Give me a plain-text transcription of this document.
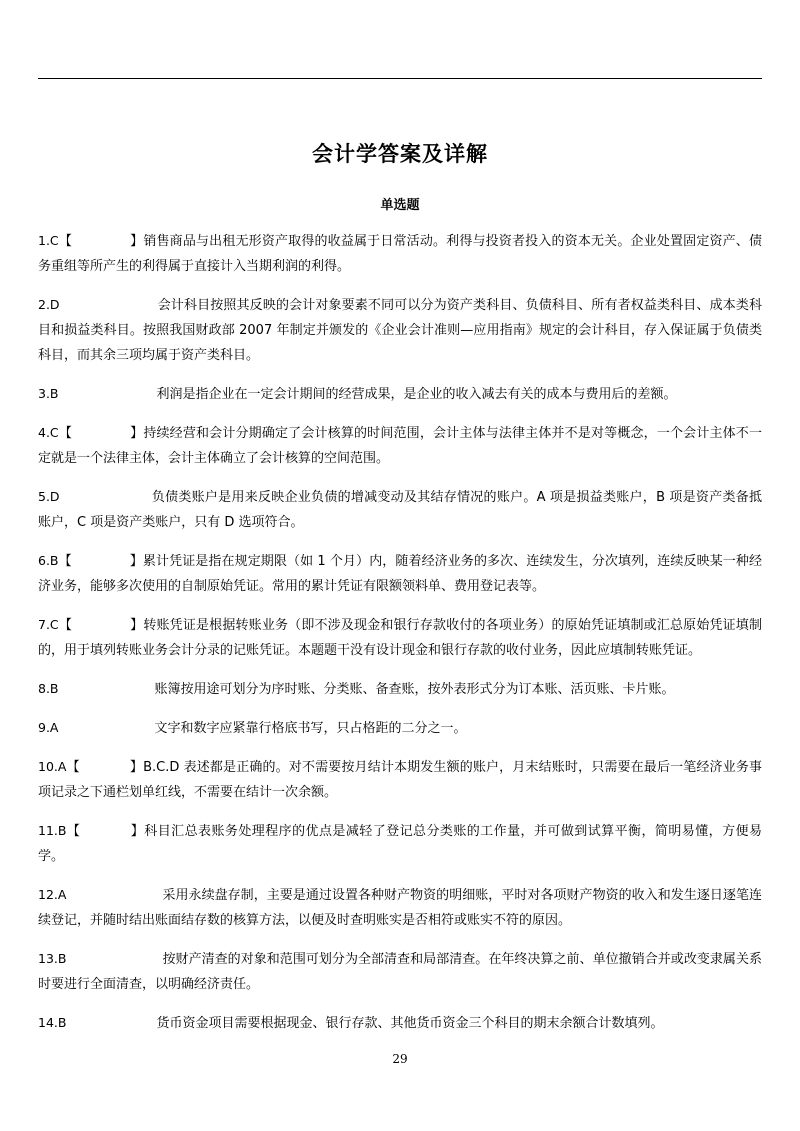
会计学答案及详解
单选题

1.C【	】销售商品与出租无形资产取得的收益属于日常活动。利得与投资者投入的资本无关。企业处置固定资产、债务重组等所产生的利得属于直接计入当期利润的利得。

2.D	会计科目按照其反映的会计对象要素不同可以分为资产类科目、负债科目、所有者权益类科目、成本类科目和损益类科目。按照我国财政部 2007 年制定并颁发的《企业会计准则—应用指南》规定的会计科目，存入保证属于负债类科目，而其余三项均属于资产类科目。

3.B	利润是指企业在一定会计期间的经营成果，是企业的收入减去有关的成本与费用后的差额。

4.C【	】持续经营和会计分期确定了会计核算的时间范围，会计主体与法律主体并不是对等概念，一个会计主体不一定就是一个法律主体，会计主体确立了会计核算的空间范围。

5.D	负债类账户是用来反映企业负债的增减变动及其结存情况的账户。A 项是损益类账户，B 项是资产类备抵账户，C 项是资产类账户，只有 D 选项符合。

6.B【	】累计凭证是指在规定期限（如 1 个月）内，随着经济业务的多次、连续发生，分次填列，连续反映某一种经济业务，能够多次使用的自制原始凭证。常用的累计凭证有限额领料单、费用登记表等。

7.C【	】转账凭证是根据转账业务（即不涉及现金和银行存款收付的各项业务）的原始凭证填制或汇总原始凭证填制的，用于填列转账业务会计分录的记账凭证。本题题干没有设计现金和银行存款的收付业务，因此应填制转账凭证。

8.B	账簿按用途可划分为序时账、分类账、备查账，按外表形式分为订本账、活页账、卡片账。

9.A	文字和数字应紧靠行格底书写，只占格距的二分之一。

10.A【	】B.C.D 表述都是正确的。对不需要按月结计本期发生额的账户，月末结账时，只需要在最后一笔经济业务事项记录之下通栏划单红线，不需要在结计一次余额。

11.B【	】科目汇总表账务处理程序的优点是减轻了登记总分类账的工作量，并可做到试算平衡，简明易懂，方便易学。

12.A	采用永续盘存制，主要是通过设置各种财产物资的明细账，平时对各项财产物资的收入和发生逐日逐笔连续登记，并随时结出账面结存数的核算方法，以便及时查明账实是否相符或账实不符的原因。

13.B	按财产清查的对象和范围可划分为全部清查和局部清查。在年终决算之前、单位撤销合并或改变隶属关系时要进行全面清查，以明确经济责任。

14.B	货币资金项目需要根据现金、银行存款、其他货币资金三个科目的期末余额合计数填列。

29
